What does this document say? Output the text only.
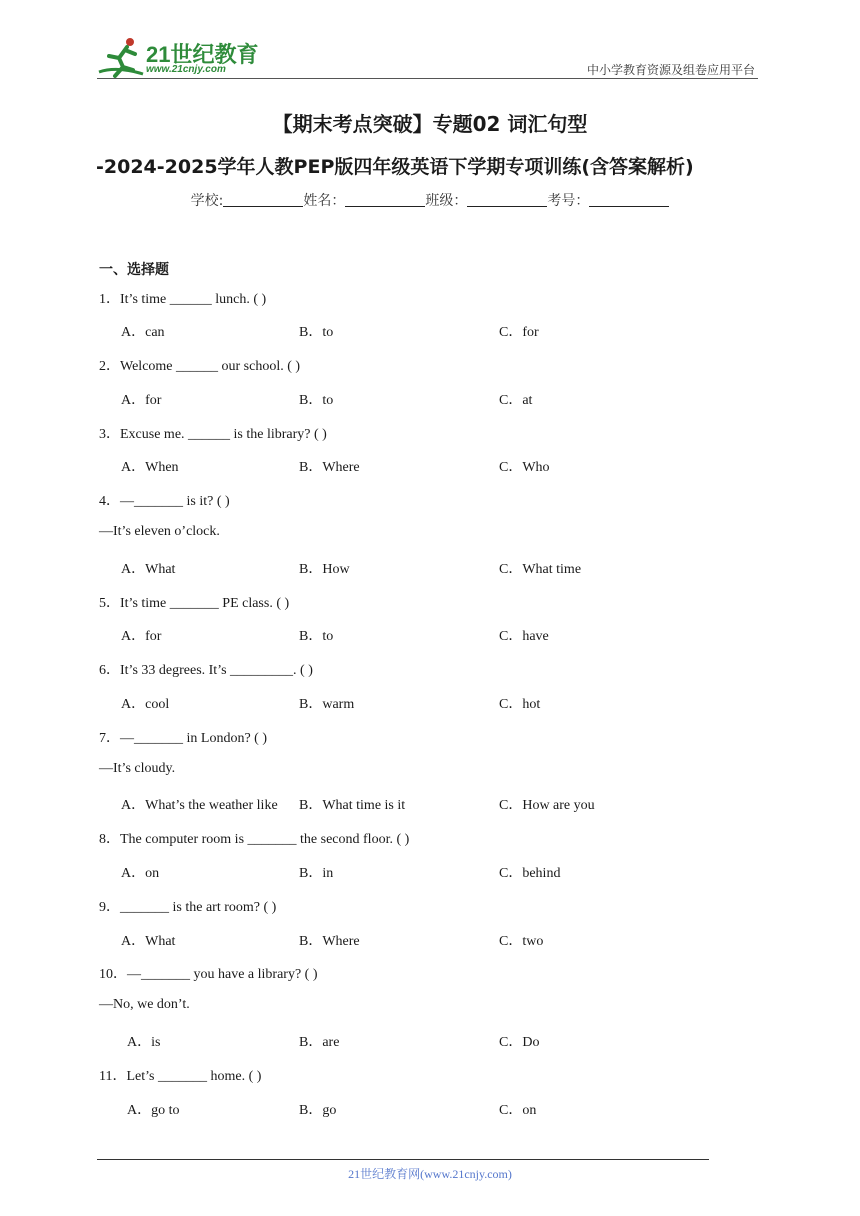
21世纪教育
www.21cnjy.com	中小学教育资源及组卷应用平台
【期末考点突破】专题02 词汇句型
-2024-2025学年人教PEP版四年级英语下学期专项训练(含答案解析)
学校:	姓名：	班级：	考号：
一、选择题
1．It’s time ______ lunch. ( )
A．can	B．to	C．for
2．Welcome ______ our school. ( )
A．for	B．to	C．at
3．Excuse me. ______ is the library? ( )
A．When	B．Where	C．Who
4．—_______ is it? ( )
—It’s eleven o’clock.
A．What	B．How	C．What time
5．It’s time _______ PE class. ( )
A．for	B．to	C．have
6．It’s 33 degrees. It’s _________. ( )
A．cool	B．warm	C．hot
7．—_______ in London? ( )
—It’s cloudy.
A．What’s the weather like B．What time is it	C．How are you
8．The computer room is _______ the second floor. ( )
A．on	B．in	C．behind
9．_______ is the art room? ( )
A．What	B．Where	C．two
10．—_______ you have a library? ( )
—No, we don’t.
A．is	B．are	C．Do
11．Let’s _______ home. ( )
A．go to	B．go	C．on
21世纪教育网(www.21cnjy.com)
